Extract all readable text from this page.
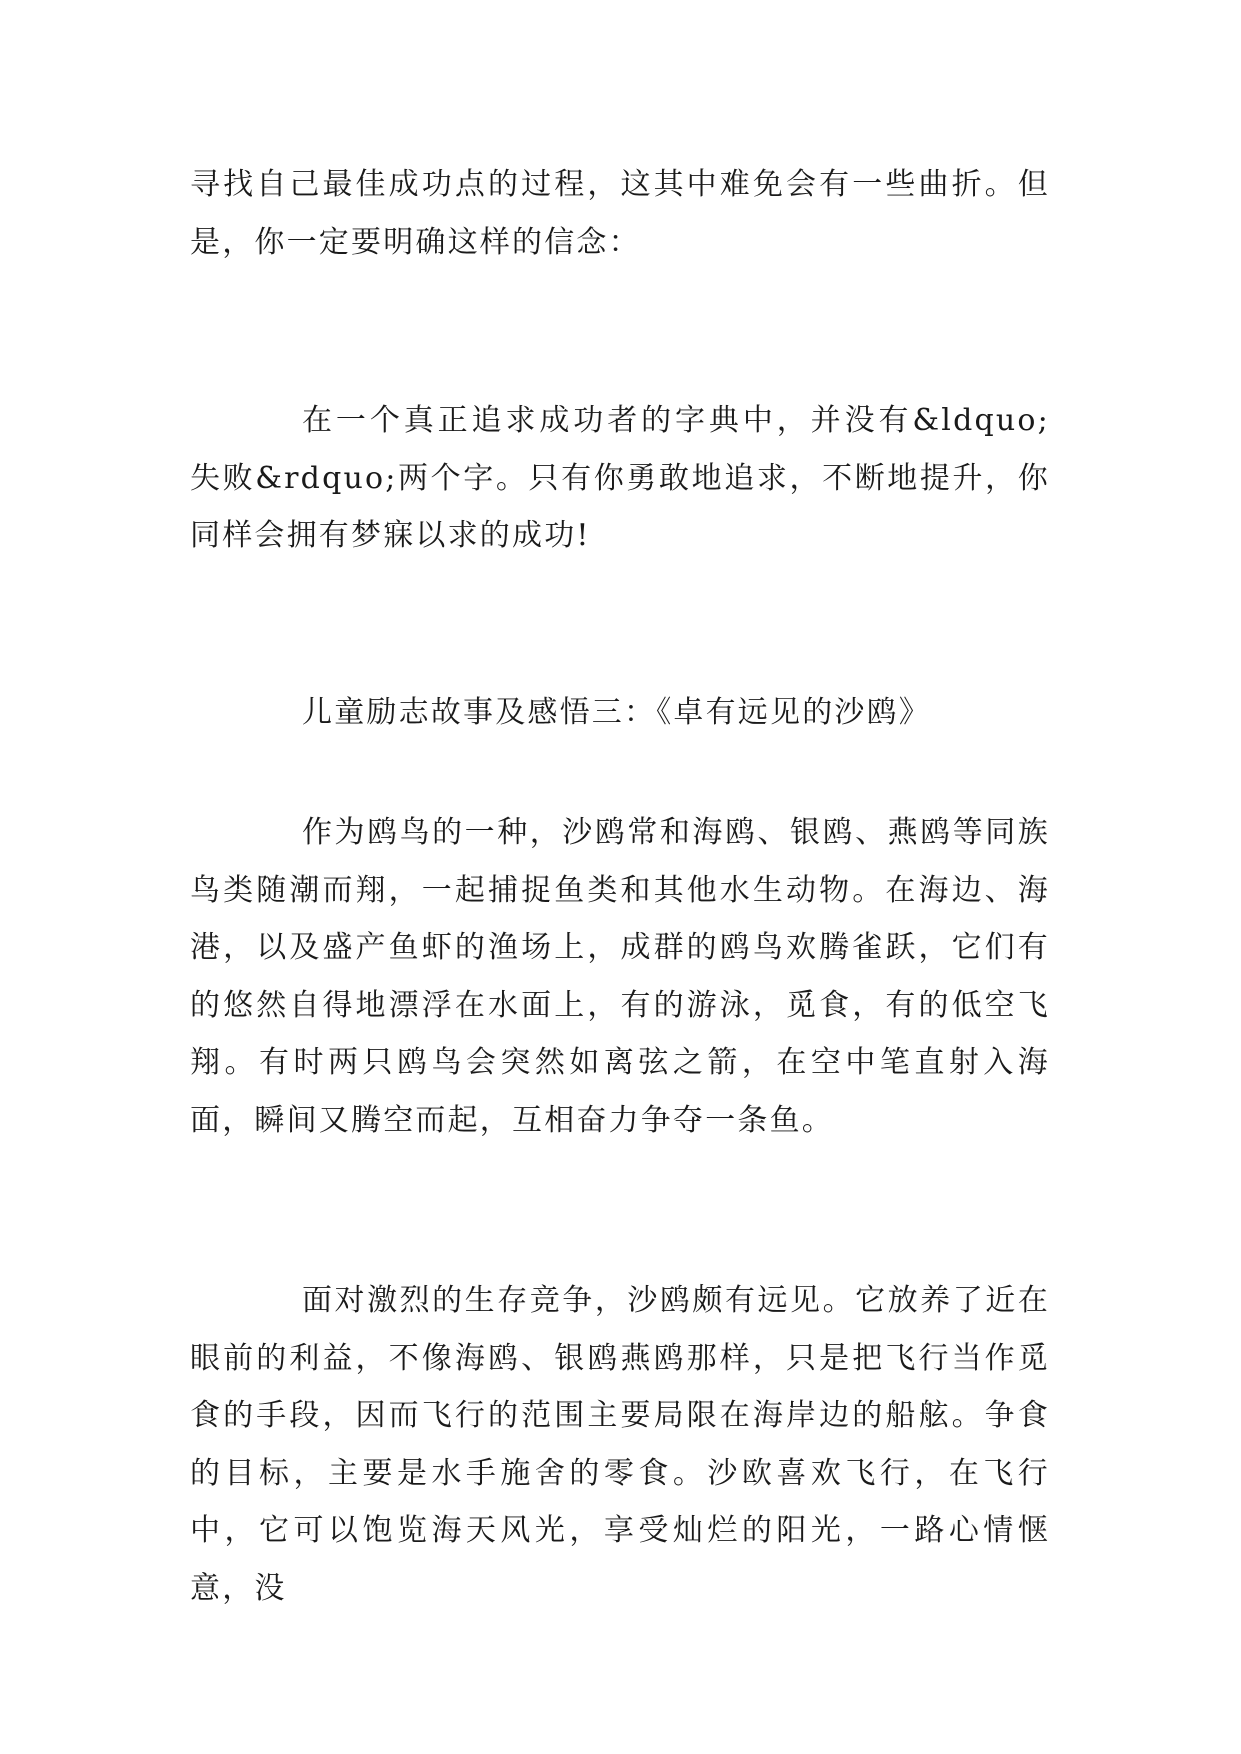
寻找自己最佳成功点的过程，这其中难免会有一些曲折。但是，你一定要明确这样的信念：

在一个真正追求成功者的字典中，并没有&ldquo;失败&rdquo;两个字。只有你勇敢地追求，不断地提升，你同样会拥有梦寐以求的成功!

儿童励志故事及感悟三：《卓有远见的沙鸥》

作为鸥鸟的一种，沙鸥常和海鸥、银鸥、燕鸥等同族鸟类随潮而翔，一起捕捉鱼类和其他水生动物。在海边、海港，以及盛产鱼虾的渔场上，成群的鸥鸟欢腾雀跃，它们有的悠然自得地漂浮在水面上，有的游泳，觅食，有的低空飞翔。有时两只鸥鸟会突然如离弦之箭，在空中笔直射入海面，瞬间又腾空而起，互相奋力争夺一条鱼。

面对激烈的生存竞争，沙鸥颇有远见。它放养了近在眼前的利益，不像海鸥、银鸥燕鸥那样，只是把飞行当作觅食的手段，因而飞行的范围主要局限在海岸边的船舷。争食的目标，主要是水手施舍的零食。沙欧喜欢飞行，在飞行中，它可以饱览海天风光，享受灿烂的阳光，一路心情惬意，没
